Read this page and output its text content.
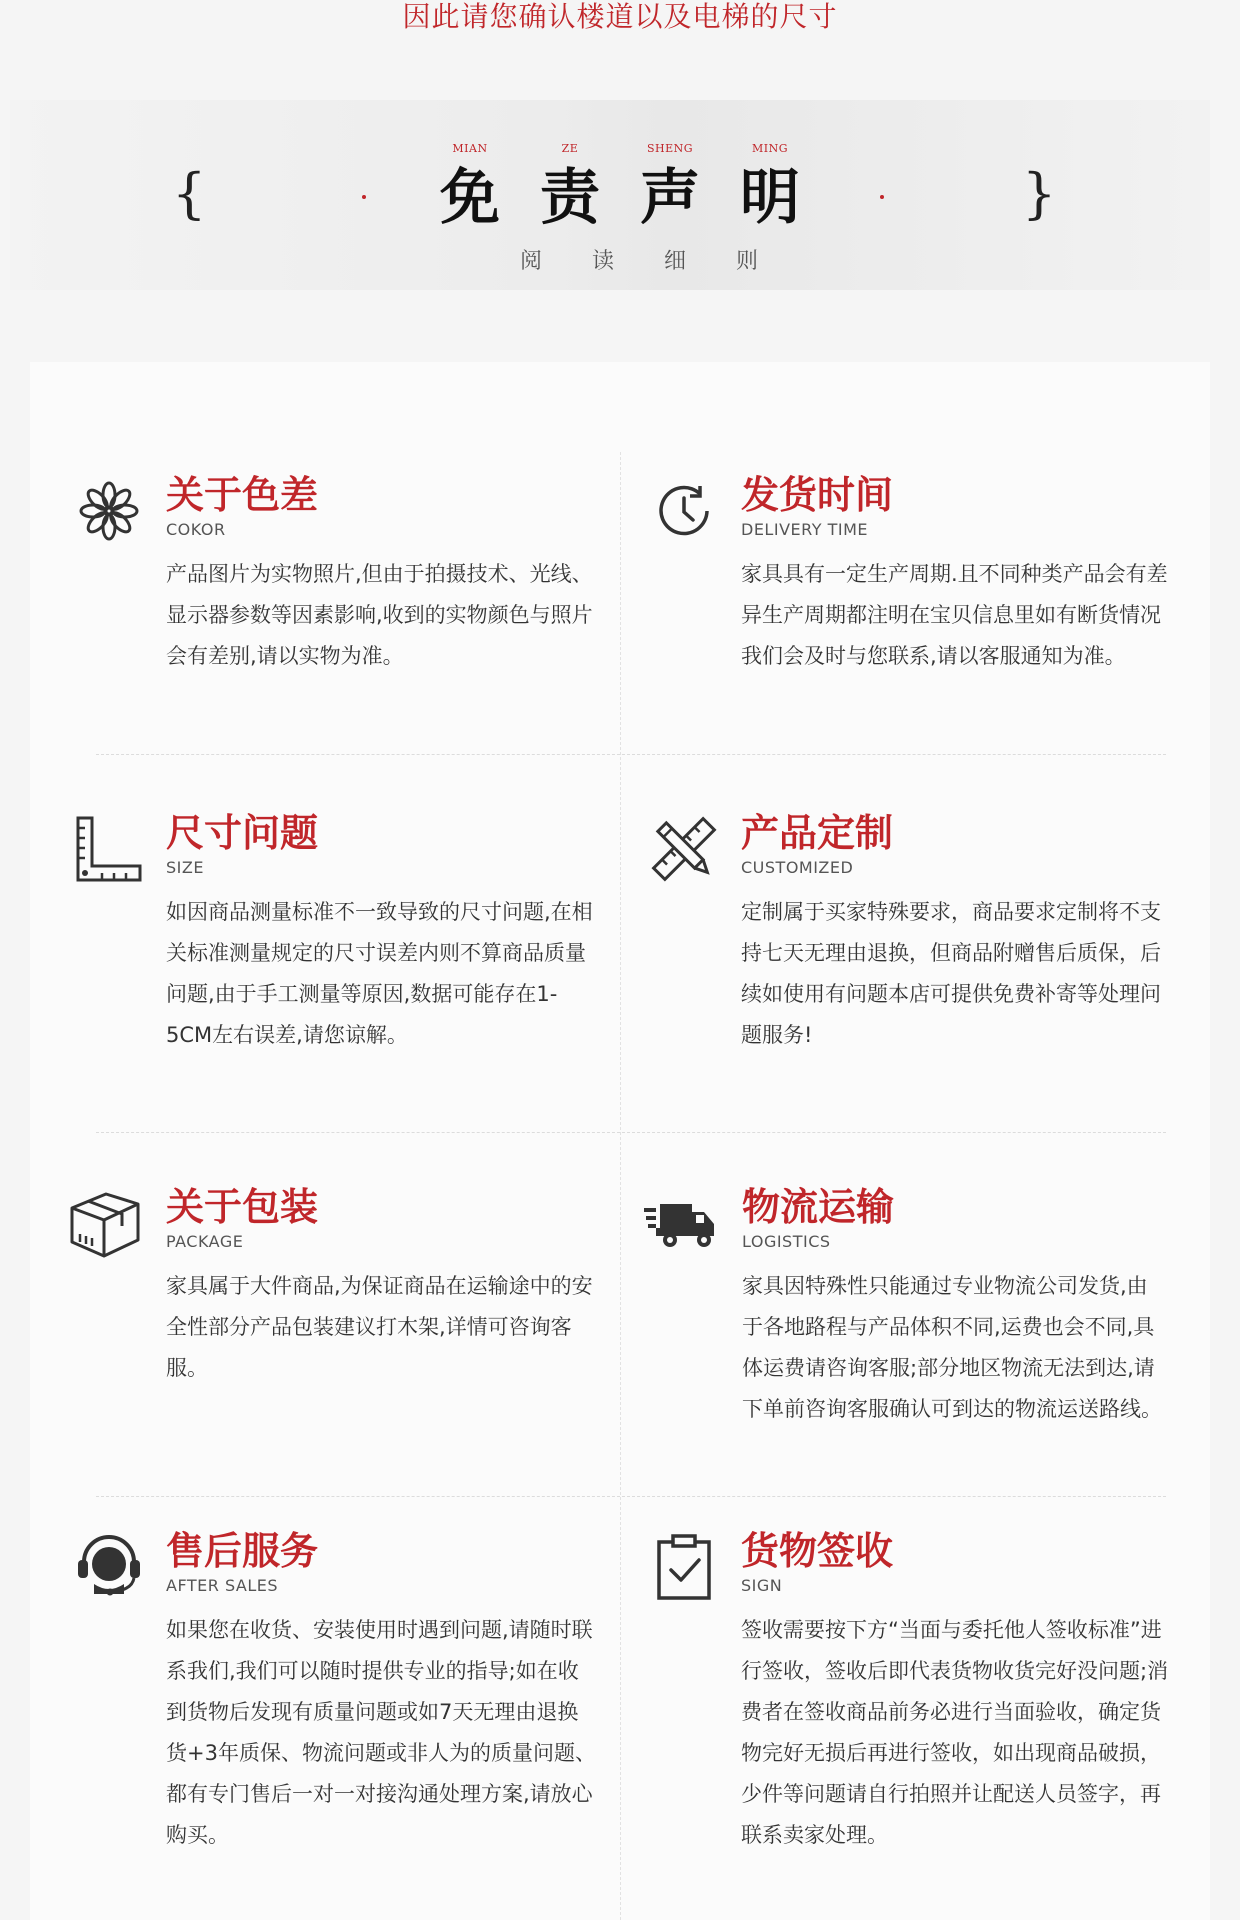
因此请您确认楼道以及电梯的尺寸
{
MIAN	ZE	SHENG	MING
免 责 声 明
阅 读 细 则
}
关于色差
COKOR
产品图片为实物照片,但由于拍摄技术、光线、显示器参数等因素影响,收到的实物颜色与照片会有差别,请以实物为准。
发货时间
DELIVERY TIME
家具具有一定生产周期.且不同种类产品会有差异生产周期都注明在宝贝信息里如有断货情况我们会及时与您联系,请以客服通知为准。
尺寸问题
SIZE
如因商品测量标准不一致导致的尺寸问题,在相关标准测量规定的尺寸误差内则不算商品质量问题,由于手工测量等原因,数据可能存在1-5CM左右误差,请您谅解。
产品定制
CUSTOMIZED
定制属于买家特殊要求，商品要求定制将不支持七天无理由退换，但商品附赠售后质保，后续如使用有问题本店可提供免费补寄等处理问题服务!
关于包装
PACKAGE
家具属于大件商品,为保证商品在运输途中的安全性部分产品包装建议打木架,详情可咨询客服。
物流运输
LOGISTICS
家具因特殊性只能通过专业物流公司发货,由于各地路程与产品体积不同,运费也会不同,具体运费请咨询客服;部分地区物流无法到达,请下单前咨询客服确认可到达的物流运送路线。
售后服务
AFTER SALES
如果您在收货、安装使用时遇到问题,请随时联系我们,我们可以随时提供专业的指导;如在收到货物后发现有质量问题或如7天无理由退换货+3年质保、物流问题或非人为的质量问题、都有专门售后一对一对接沟通处理方案,请放心购买。
货物签收
SIGN
签收需要按下方“当面与委托他人签收标准”进行签收，签收后即代表货物收货完好没问题;消费者在签收商品前务必进行当面验收，确定货物完好无损后再进行签收，如出现商品破损，少件等问题请自行拍照并让配送人员签字，再联系卖家处理。
